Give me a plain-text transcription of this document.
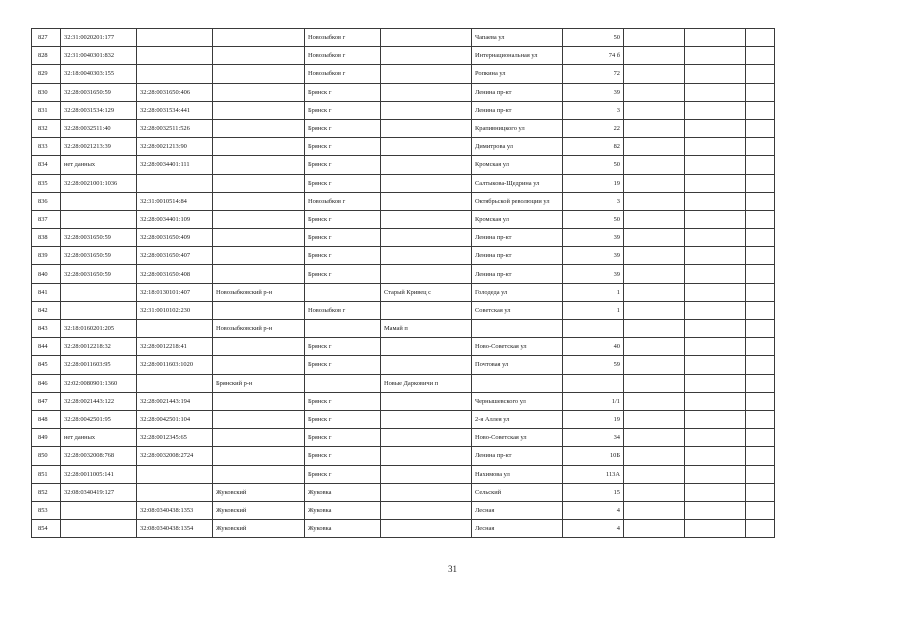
827	32:31:0020201:177			Новозыбков г		Чапаева ул	50			
828	32:31:0040301:832			Новозыбков г		Интернациональная ул	74 б			
829	32:18:0040303:155			Новозыбков г		Ропкина ул	72			
830	32:28:0031650:59	32:28:0031650:406		Брянск г		Ленина пр-кт	39			
831	32:28:0031534:129	32:28:0031534:441		Брянск г		Ленина пр-кт	3			
832	32:28:0032511:40	32:28:0032511:526		Брянск г		Крапивницкого ул	22			
833	32:28:0021213:39	32:28:0021213:90		Брянск г		Димитрова ул	82			
834	нет данных	32:28:0034401:111		Брянск г		Кромская ул	50			
835	32:28:0021001:1036			Брянск г		Салтыкова-Щедрина ул	19			
836		32:31:0010514:84		Новозыбков г		Октябрьской революции ул	3			
837		32:28:0034401:109		Брянск г		Кромская ул	50			
838	32:28:0031650:59	32:28:0031650:409		Брянск г		Ленина пр-кт	39			
839	32:28:0031650:59	32:28:0031650:407		Брянск г		Ленина пр-кт	39			
840	32:28:0031650:59	32:28:0031650:408		Брянск г		Ленина пр-кт	39			
841		32:18:0130101:407	Новозыбковский р-н		Старый Кривец с	Голодеда ул	1			
842		32:31:0010102:230		Новозыбков г		Советская ул	1			
843	32:18:0160201:205		Новозыбковский р-н		Мамай п					
844	32:28:0012218:32	32:28:0012218:41		Брянск г		Ново-Советская ул	40			
845	32:28:0011603:95	32:28:0011603:1020		Брянск г		Почтовая ул	59			
846	32:02:0080901:1360		Брянский р-н		Новые Дарковичи п					
847	32:28:0021443:122	32:28:0021443:194		Брянск г		Чернышевского ул	1/1			
848	32:28:0042501:95	32:28:0042501:104		Брянск г		2-я Аллея ул	19			
849	нет данных	32:28:0012345:65		Брянск г		Ново-Советская ул	34			
850	32:28:0032008:768	32:28:0032008:2724		Брянск г		Ленина пр-кт	10Б			
851	32:28:0011005:141			Брянск г		Нахимова ул	113А			
852	32:08:0340419:127		Жуковский	Жуковка		Сельский	15			
853		32:08:0340438:1353	Жуковский	Жуковка		Лесная	4			
854		32:08:0340438:1354	Жуковский	Жуковка		Лесная	4			
31
